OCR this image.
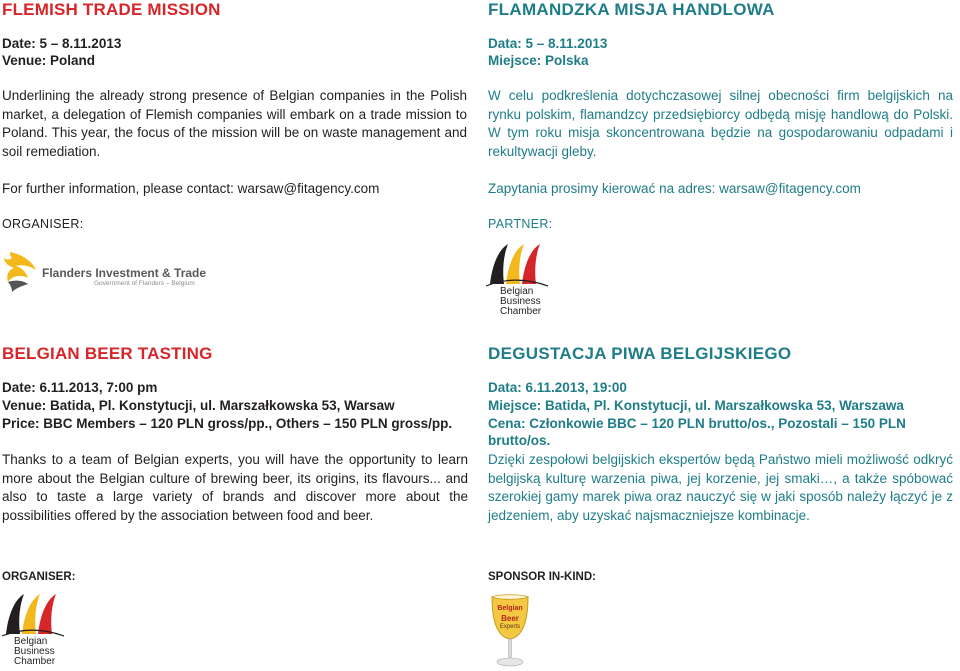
FLEMISH TRADE MISSION
Date: 5 – 8.11.2013
Venue: Poland
Underlining the already strong presence of Belgian companies in the Polish market, a delegation of Flemish companies will embark on a trade mission to Poland. This year, the focus of the mission will be on waste management and soil remediation.
For further information, please contact: warsaw@fitagency.com
ORGANISER:
Flanders Investment & Trade
Government of Flanders – Belgium
FLAMANDZKA MISJA HANDLOWA
Data: 5 – 8.11.2013
Miejsce: Polska
W celu podkreślenia dotychczasowej silnej obecności firm belgijskich na rynku polskim, flamandzcy przedsiębiorcy odbędą misję handlową do Polski. W tym roku misja skoncentrowana będzie na gospodarowaniu odpadami i rekultywacji gleby.
Zapytania prosimy kierować na adres: warsaw@fitagency.com
PARTNER:
Belgian
Business
Chamber
BELGIAN BEER TASTING
Date: 6.11.2013, 7:00 pm
Venue: Batida, Pl. Konstytucji, ul. Marszałkowska 53, Warsaw
Price: BBC Members – 120 PLN gross/pp., Others – 150 PLN gross/pp.
Thanks to a team of Belgian experts, you will have the opportunity to learn more about the Belgian culture of brewing beer, its origins, its flavours... and also to taste a large variety of brands and discover more about the possibilities offered by the association between food and beer.
DEGUSTACJA PIWA BELGIJSKIEGO
Data: 6.11.2013, 19:00
Miejsce: Batida, Pl. Konstytucji, ul. Marszałkowska 53, Warszawa
Cena: Członkowie BBC – 120 PLN brutto/os., Pozostali – 150 PLN brutto/os.
Dzięki zespołowi belgijskich ekspertów będą Państwo mieli możliwość odkryć belgijską kulturę warzenia piwa, jej korzenie, jej smaki…, a także spóbować szerokiej gamy marek piwa oraz nauczyć się w jaki sposób należy łączyć je z jedzeniem, aby uzyskać najsmaczniejsze kombinacje.
ORGANISER:
Belgian
Business
Chamber
SPONSOR IN-KIND:
Belgian
Beer
Experts
